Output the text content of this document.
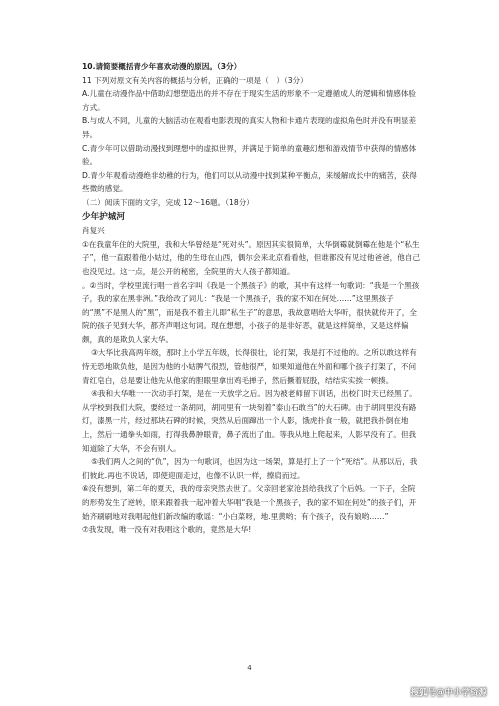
10.请简要概括青少年喜欢动漫的原因。（3分）

11 下列对原文有关内容的概括与分析，正确的一项是（　）（3分）

A.儿童在动漫作品中借助幻想塑造出的并不存在于现实生活的形象不一定遵循成人的逻辑和情感体验方式。

B.与成人不同，儿童的大脑活动在观看电影表现的真实人物和卡通片表现的虚拟角色时并没有明显差异。

C.青少年可以借助动漫找到理想中的虚拟世界，并满足于简单的童趣幻想和游戏情节中获得的情感体验。

D.青少年观看动漫绝非幼稚的行为，他们可以从动漫中找到某种平衡点，来缓解成长中的痛苦，获得些微的感觉。

（二）阅读下面的文字，完成 12～16题。（18分）

少年护城河

肖复兴

①在我童年住的大院里，我和大华曾经是“死对头”。原因其实很简单，大华倒霉就倒霉在他是个“私生子”，他一直跟着他小姑过，他的生母在山西，偶尔会来北京看看他，但谁都没有见过他爸爸，他自己也没见过。这一点，是公开的秘密，全院里的大人孩子都知道。

。②当时，学校里流行唱一首名字叫《我是一个黑孩子》的歌，其中有这样一句歌词：“我是一个黑孩子，我的家在黑非洲。”我给改了词儿：“我是一个黑孩子，我的家不知在何处……”这里黑孩子的“黑”不是黑人的“黑”，而是我不着主儿即“私生子”的意思，我故意唱给大华听，很快就传开了，全院的孩子见到大华，都齐声唱这句词。现在想想，小孩子的是非好恶，就是这样简单，又是这样偏颇，真的是欺负人家大华。

③大华比我高两年级，那时上小学五年级，长得很壮，论打架，我是打不过他的。之所以敢这样有恃无恐地欺负他，是因为他的小姑脾气很烈，管他很严，如果知道他在外面和哪个孩子打架了，不问青红皂白，总是要让他先从他家的胆眼里拿出鸡毛掸子，然后撅着屁股，结结实实挨一顿揍。

④我和大华唯一一次动手打架，是在一天放学之后。因为被老师留下训话，出校门时天已经黑了。从学校到我们大院，要经过一条胡同，胡同里有一块刻着“泰山石敢当”的大石碑。由于胡同里没有路灯，漆黑一片，经过那块石碑的时候，突然从后面蹿出一个人影，饿虎扑食一般，就把我扑倒在地上，然后一通拳头如雨，打得我鼻肿眼青，鼻子流出了血。等我从地上爬起来，人影早没有了。但我知道除了大华，不会有别人。

⑤我们两人之间的“仇”，因为一句歌词，也因为这一场架，算是打上了一个“死结”。从那以后，我们彼此.再也不说话，即使迎面走过，也像不认识一样，擦肩而过。

⑥没有想到，第二年的夏天，我的母亲突然去世了。父亲回老家沧县给我找了个后妈。一下子，全院的形势发生了逆转，原来跟着我一起冲着大华唱“我是一个黑孩子，我的家不知在何处”的孩子们，开始齐刷刷地对我唱起他们新改编的歌谣：“小白菜呀，地.里黄哟；有个孩子，没有娘哟……”

⑦我发现，唯一没有对我唱这个歌的，竟然是大华!

4
搜狐号@中小学资源
